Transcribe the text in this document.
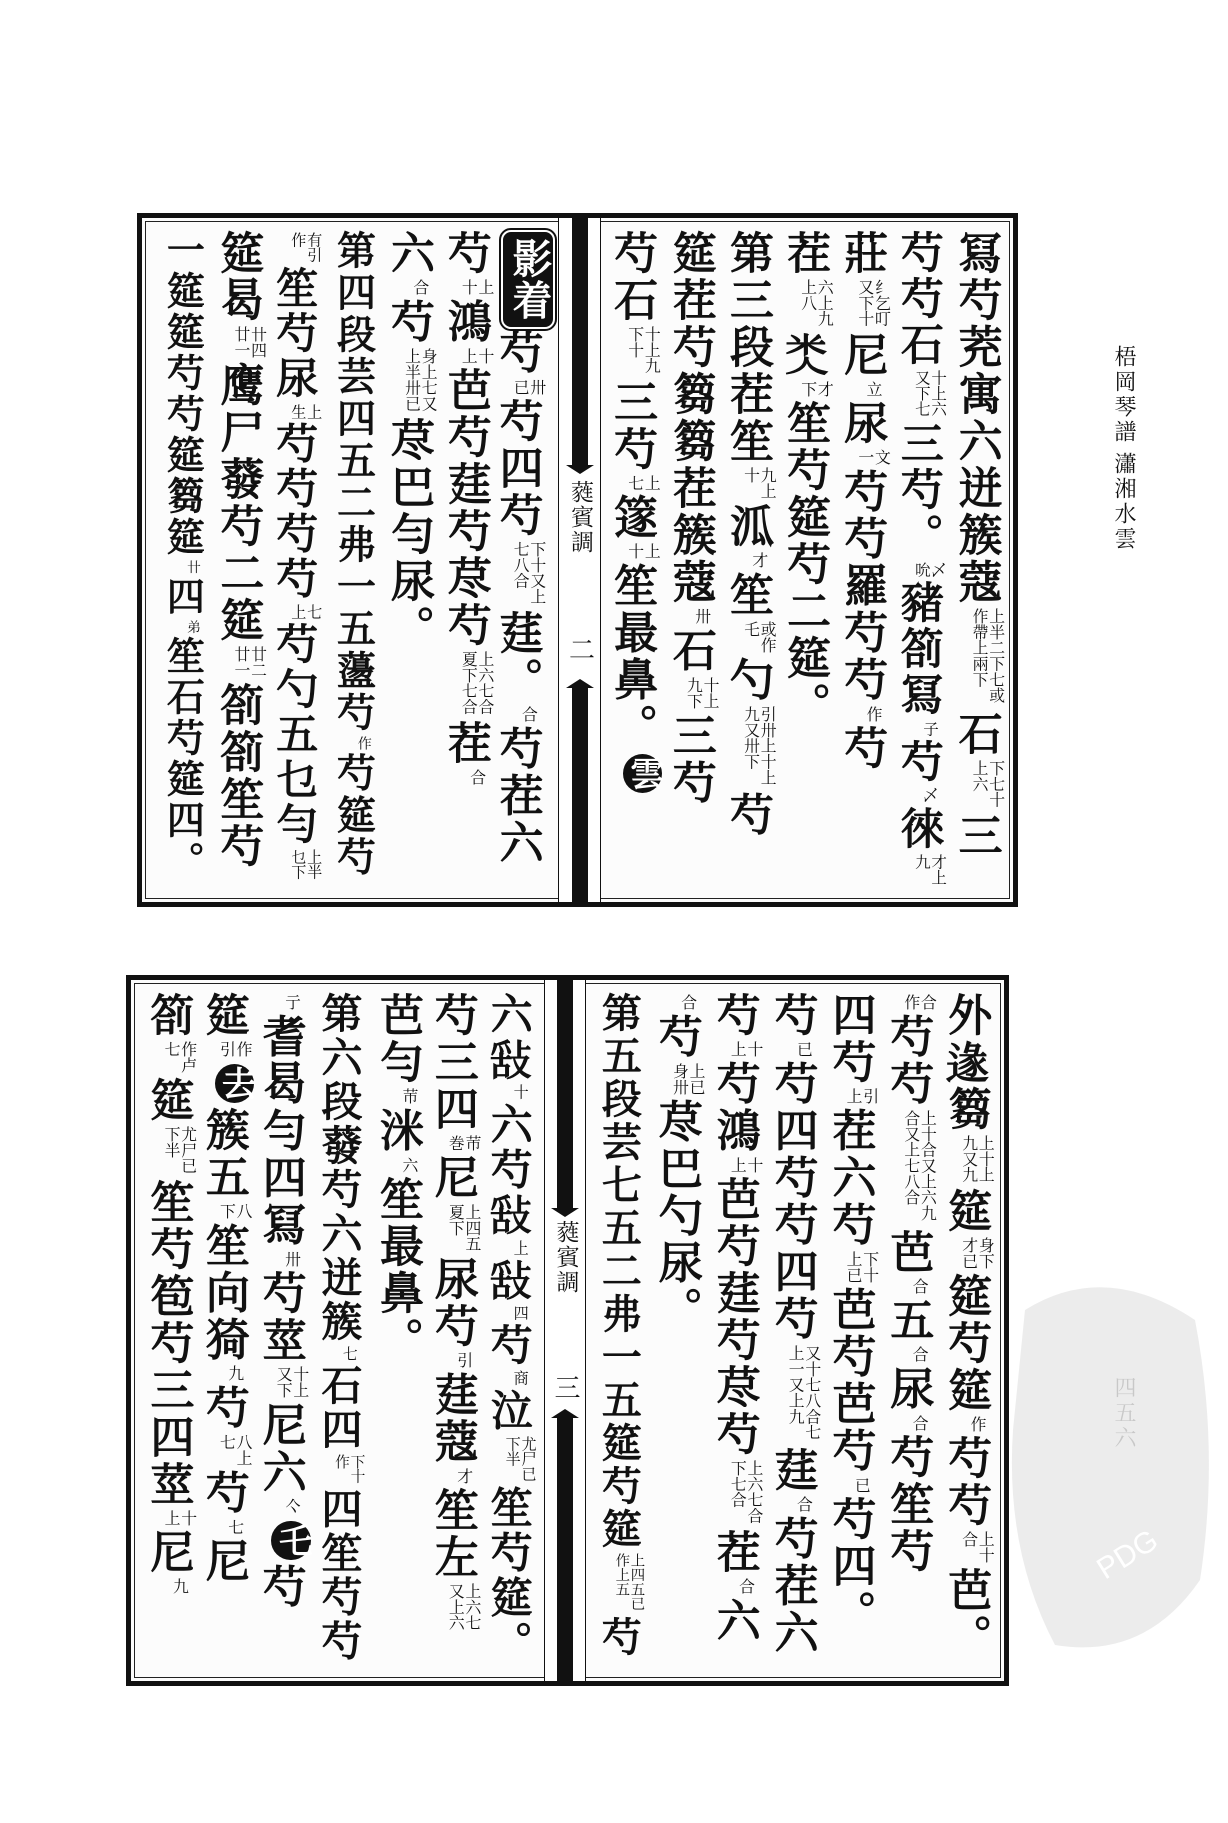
冩芍茺寓六迸簇蔻上半二下七或作帶上兩下石下七十上六三
芍芍石十上六又下七三芍。乄吮豬箚冩子芍乄徠才上九
莊纟乞叮又下十尼立尿文一芍芍羅芍芍作芍
茬六上九上八𥸪才下笙芍筵芍二筵。
第三段茬笙九上十泒才笙或作乇勺引卅上十上九又卅下芍
筵茬芍篘篘茬簇蔻卅石十上九下三芍
芍石十上九下十三芍上七篴上十笙最鼻。雲
蕤賓調
二
影着芍卅已芍四芍下十又上七八合莛。合芍茬六
芍上十鴻十上芭芍莛芍荩芍上六七合夏下七合茬合
六合芍身上七又上半卅已荩巴勻尿。
第四段芸四五二弗一五蘯芍作芍筵芍
有引作笙芍尿上生芍芍芍芍七上芍勺五乜勻上半乜下
筵曷卄四廿一鹰尸蕟芍二筵廿二廿一箚箚笙芍
一筵筵芍芍筵篘筵卄四弟笙石芍筵四。
外𨔵篘上十上九又九筵身下才已筵芍筵作芍芍上十合芭。
合作芍芍上十合又上六九合又上七八合芭合五合尿合芍笙芍
四芍引上茬六芍下十上已芭芍芭芍已芍四。
芍已芍四芍芍四芍又十七八合七上一又上九莛合芍茬六
芍十上芍鴻十上芭芍莛芍荩芍上六七合下七合茬合六
合芍上已身卅荩巴勺尿。
第五段芸七五二弗一五筵芍筵上四五已作上五芍
蕤賓調
三
六𢽿十六芍𢽿上𢽿四芍商泣尤尸已下半笙芍筵。
芍三四䒥巻尼上四五夏下尿芍引莛蔻才笙左上六七又上六
芭勻䒥洣六笙最鼻。
第六段蕟芍六迸簇七石四下十作四笙芍芍
亍耆曷勻四冩卅芍莖十上又下尼六亽乇芍
筵作引去簇五八下笙向猗九芍八上七芍七尼
箚作卢七筵尤尸已下半笙芍笣芍三四莖十上尼九
梧岡琴譜
瀟湘水雲
PDG
